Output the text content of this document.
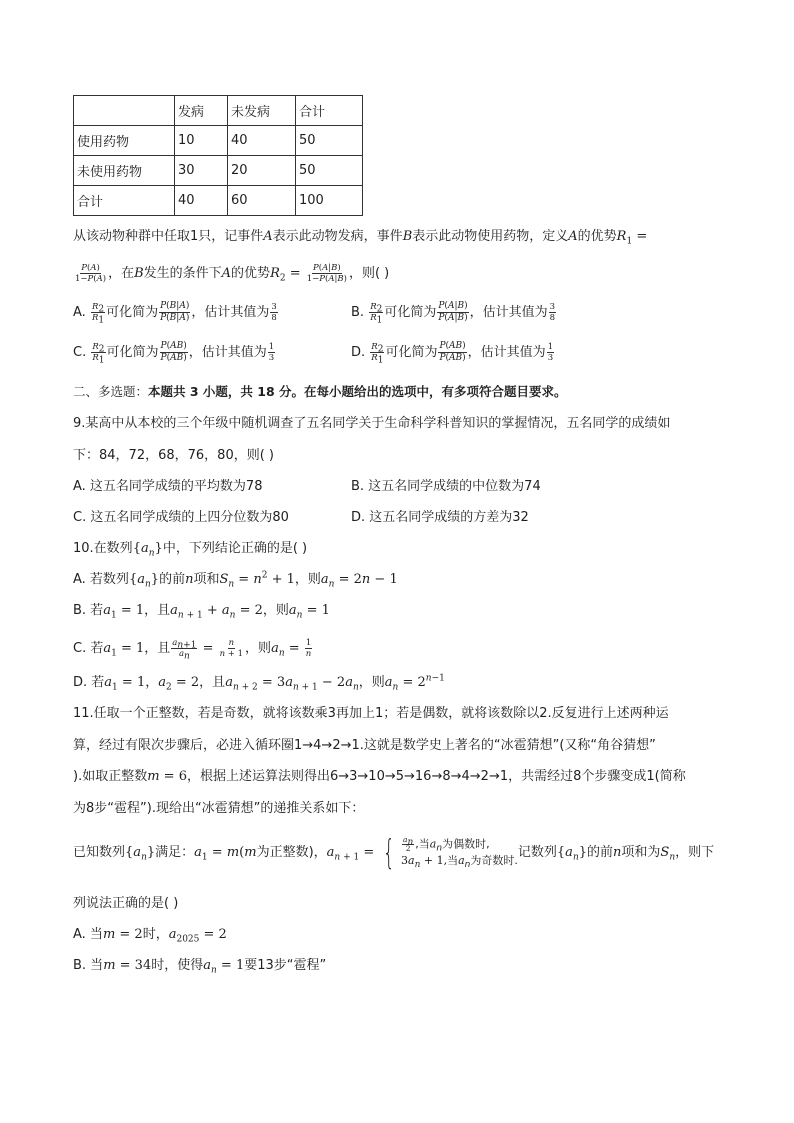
	发病	未发病	合计
使用药物	10	40	50
未使用药物	30	20	50
合计	40	60	100
从该动物种群中任取1只，记事件A表示此动物发病，事件B表示此动物使用药物，定义A的优势$R_1$ =
$\frac{P(A)}{1-P(A)}$ ，在B发生的条件下A的优势$R_2 = \frac{P(A|B)}{1-P(A|B)}$ ，则( )
A. $\frac{R_2}{R_1}$ 可化简为 $\frac{P(B|A)}{P(B|A)}$ ，估计其值为 $\frac{3}{8}$	B. $\frac{R_2}{R_1}$ 可化简为 $\frac{P(A|B)}{P(A|B)}$ ，估计其值为 $\frac{3}{8}$
C. $\frac{R_2}{R_1}$ 可化简为 $\frac{P(AB)}{P(AB)}$ ，估计其值为 $\frac{1}{3}$	D. $\frac{R_2}{R_1}$ 可化简为 $\frac{P(AB)}{P(AB)}$ ，估计其值为 $\frac{1}{3}$
二、多选题：本题共 3 小题，共 18 分。在每小题给出的选项中，有多项符合题目要求。
9.某高中从本校的三个年级中随机调查了五名同学关于生命科学科普知识的掌握情况，五名同学的成绩如
下：84，72，68，76，80，则( )
A. 这五名同学成绩的平均数为78	B. 这五名同学成绩的中位数为74
C. 这五名同学成绩的上四分位数为80	D. 这五名同学成绩的方差为32
10.在数列$\{a_n\}$中，下列结论正确的是( )
A. 若数列$\{a_n\}$的前n项和$S_n = n^2 + 1$，则$a_n = 2n - 1$
B. 若$a_1 = 1$，且$a_{n + 1} + a_n = 2$，则$a_n = 1$
C. 若$a_1 = 1$，且 $\frac{a_{n+1}}{a_n} = \frac{n}{n + 1}$ ，则$a_n = \frac{1}{n}$
D. 若$a_1 = 1$，$a_2 = 2$，且$a_{n + 2} = 3a_{n + 1} - 2a_n$，则$a_n = 2^{n-1}$
11.任取一个正整数，若是奇数，就将该数乘3再加上1；若是偶数，就将该数除以2.反复进行上述两种运
算，经过有限次步骤后，必进入循环圈1→4→2→1.这就是数学史上著名的“冰雹猜想”(又称“角谷猜想”
).如取正整数m = 6，根据上述运算法则得出6→3→10→5→16→8→4→2→1，共需经过8个步骤变成1(简称
为8步“雹程”).现给出“冰雹猜想”的递推关系如下：
已知数列$\{a_n\}$满足：$a_1 = m(m$为正整数)，$a_{n + 1}$ = { $\frac{a_n}{2}$ ,当$a_n$为偶数时,
$3a_n + 1$,当$a_n$为奇数时.
记数列$\{a_n\}$的前n项和为$S_n$，则下
列说法正确的是( )
A. 当m = 2时，$a_{2025} = 2$
B. 当m = 34时，使得$a_n = 1$要13步“雹程”
